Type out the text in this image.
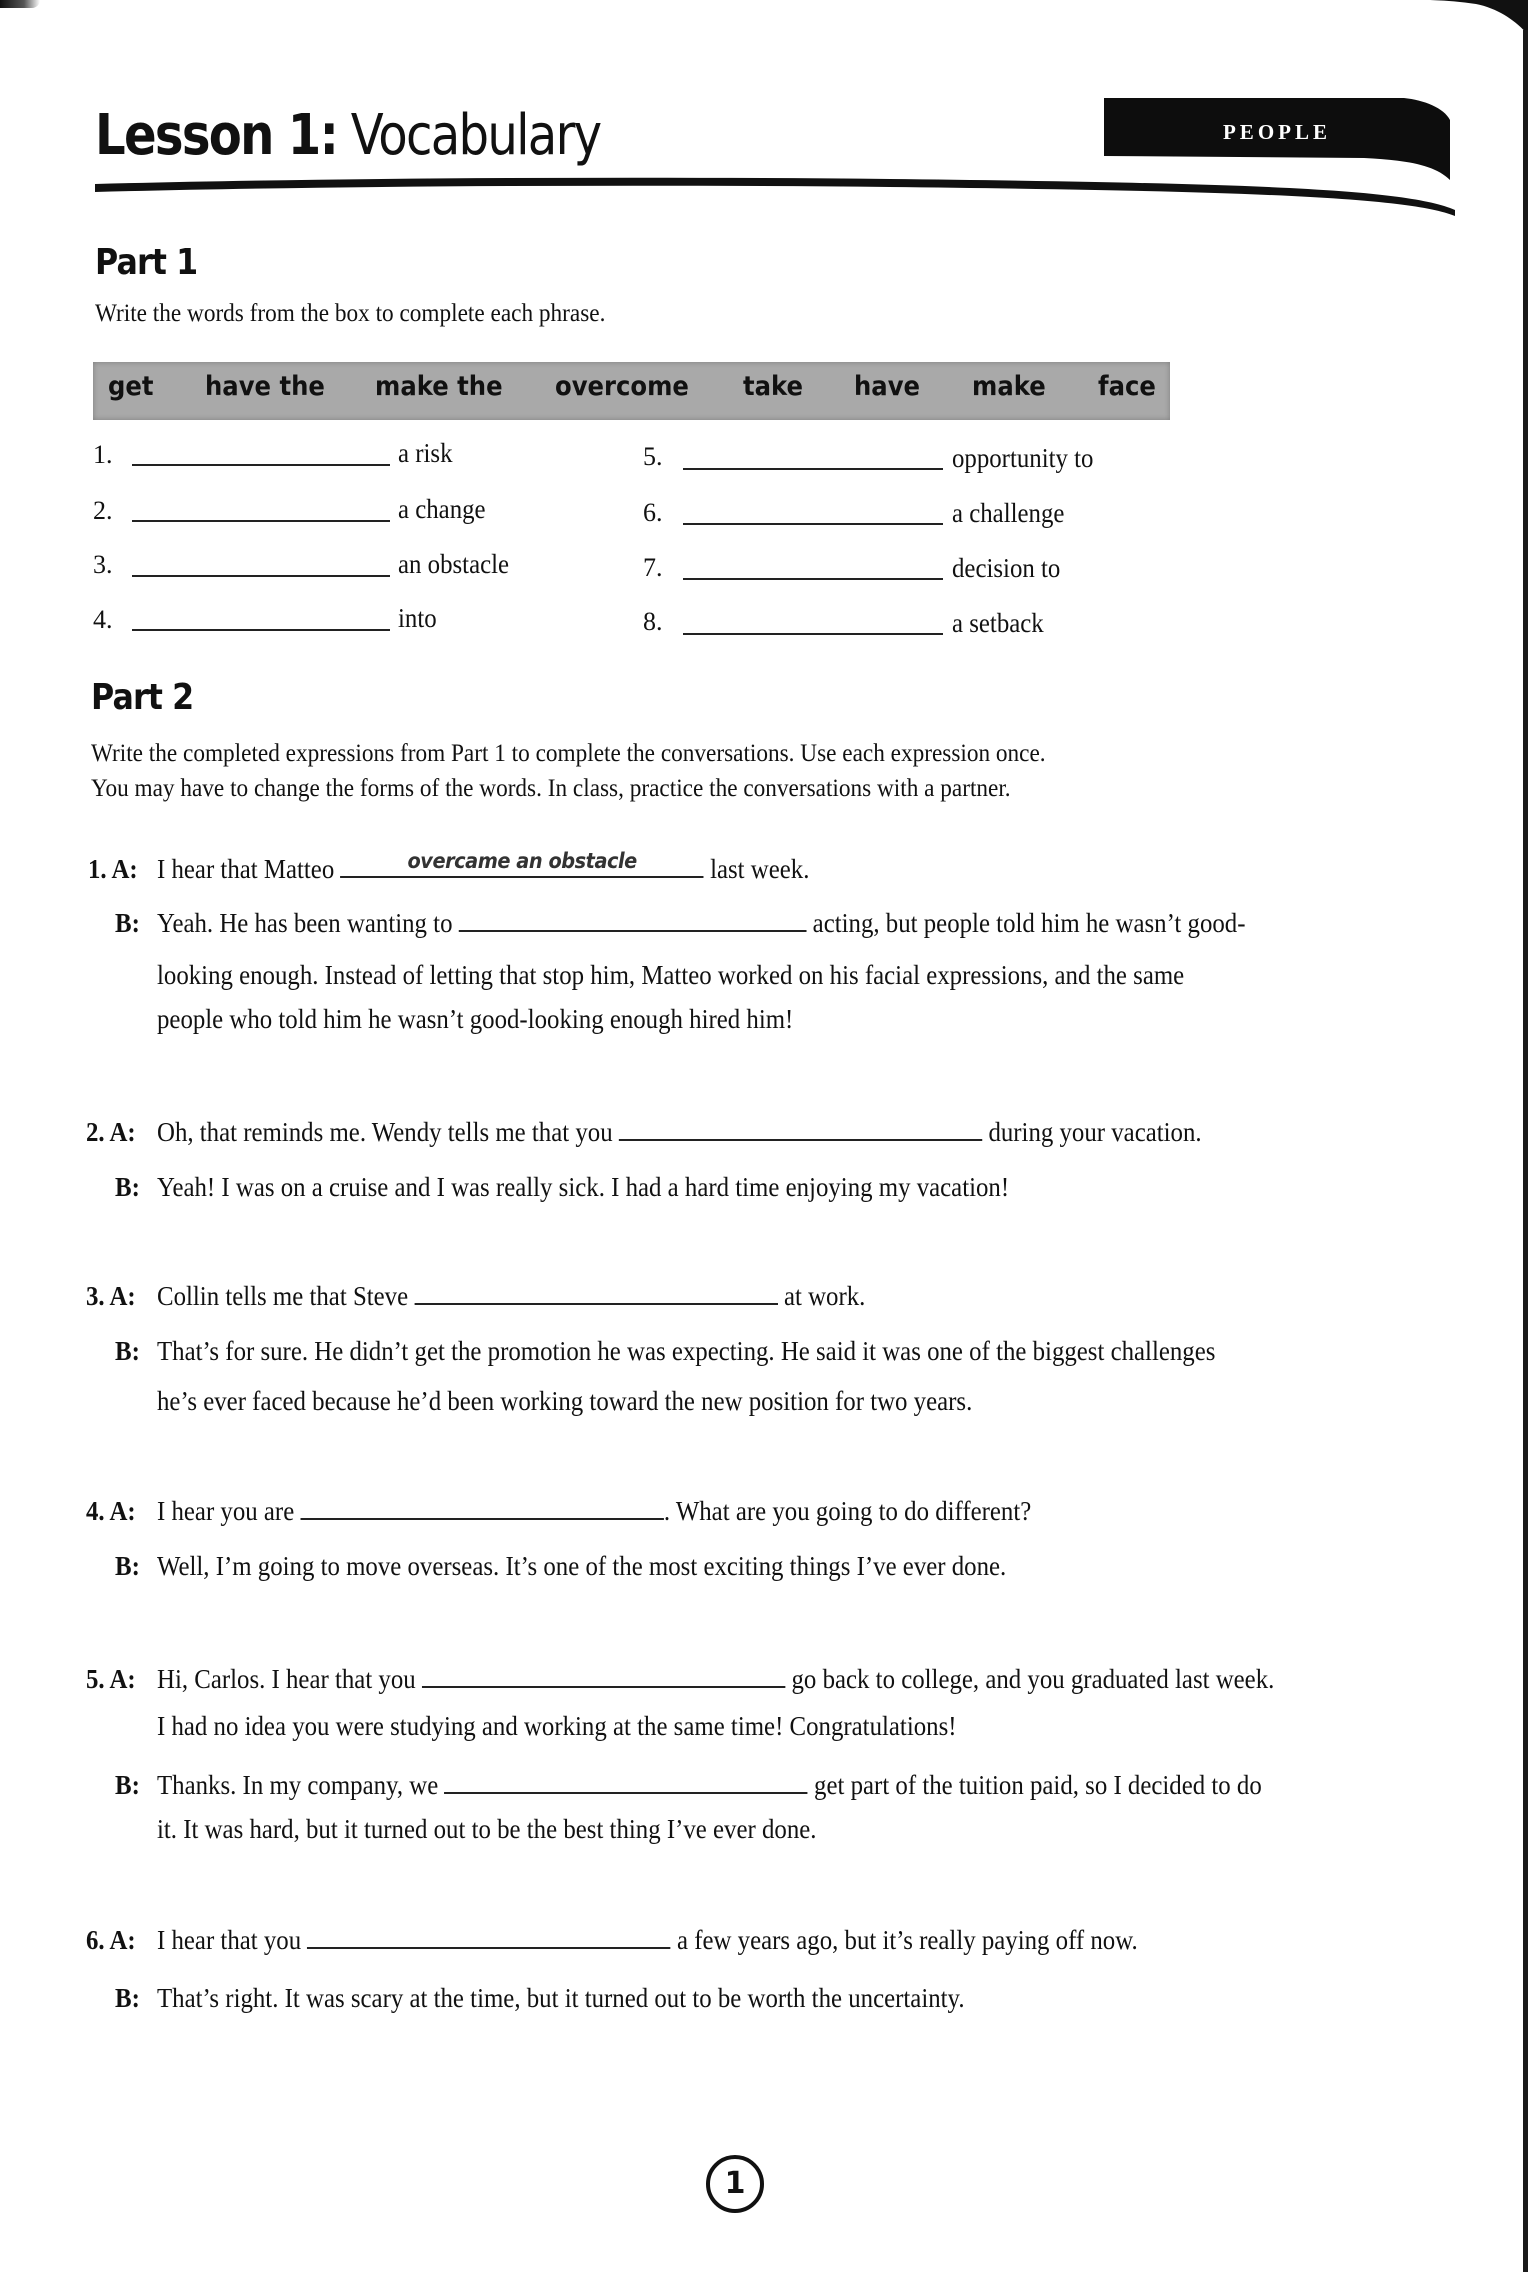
Lesson 1: Vocabulary	PEOPLE
Part 1
Write the words from the box to complete each phrase.
get have the make the overcome take have make face
1.	a risk
2.	a change
3.	an obstacle
4.	into
5.	opportunity to
6.	a challenge
7.	decision to
8.	a setback
Part 2
Write the completed expressions from Part 1 to complete the conversations. Use each expression once.
You may have to change the forms of the words. In class, practice the conversations with a partner.
1. A: I hear that Matteo	overcame an obstacle	last week.
B: Yeah. He has been wanting to	acting, but people told him he wasn’t good-
looking enough. Instead of letting that stop him, Matteo worked on his facial expressions, and the same
people who told him he wasn’t good-looking enough hired him!
2. A: Oh, that reminds me. Wendy tells me that you	during your vacation.
B: Yeah! I was on a cruise and I was really sick. I had a hard time enjoying my vacation!
3. A: Collin tells me that Steve	at work.
B: That’s for sure. He didn’t get the promotion he was expecting. He said it was one of the biggest challenges
he’s ever faced because he’d been working toward the new position for two years.
4. A: I hear you are	. What are you going to do different?
B: Well, I’m going to move overseas. It’s one of the most exciting things I’ve ever done.
5. A: Hi, Carlos. I hear that you	go back to college, and you graduated last week.
I had no idea you were studying and working at the same time! Congratulations!
B: Thanks. In my company, we	get part of the tuition paid, so I decided to do
it. It was hard, but it turned out to be the best thing I’ve ever done.
6. A: I hear that you	a few years ago, but it’s really paying off now.
B: That’s right. It was scary at the time, but it turned out to be worth the uncertainty.
1
